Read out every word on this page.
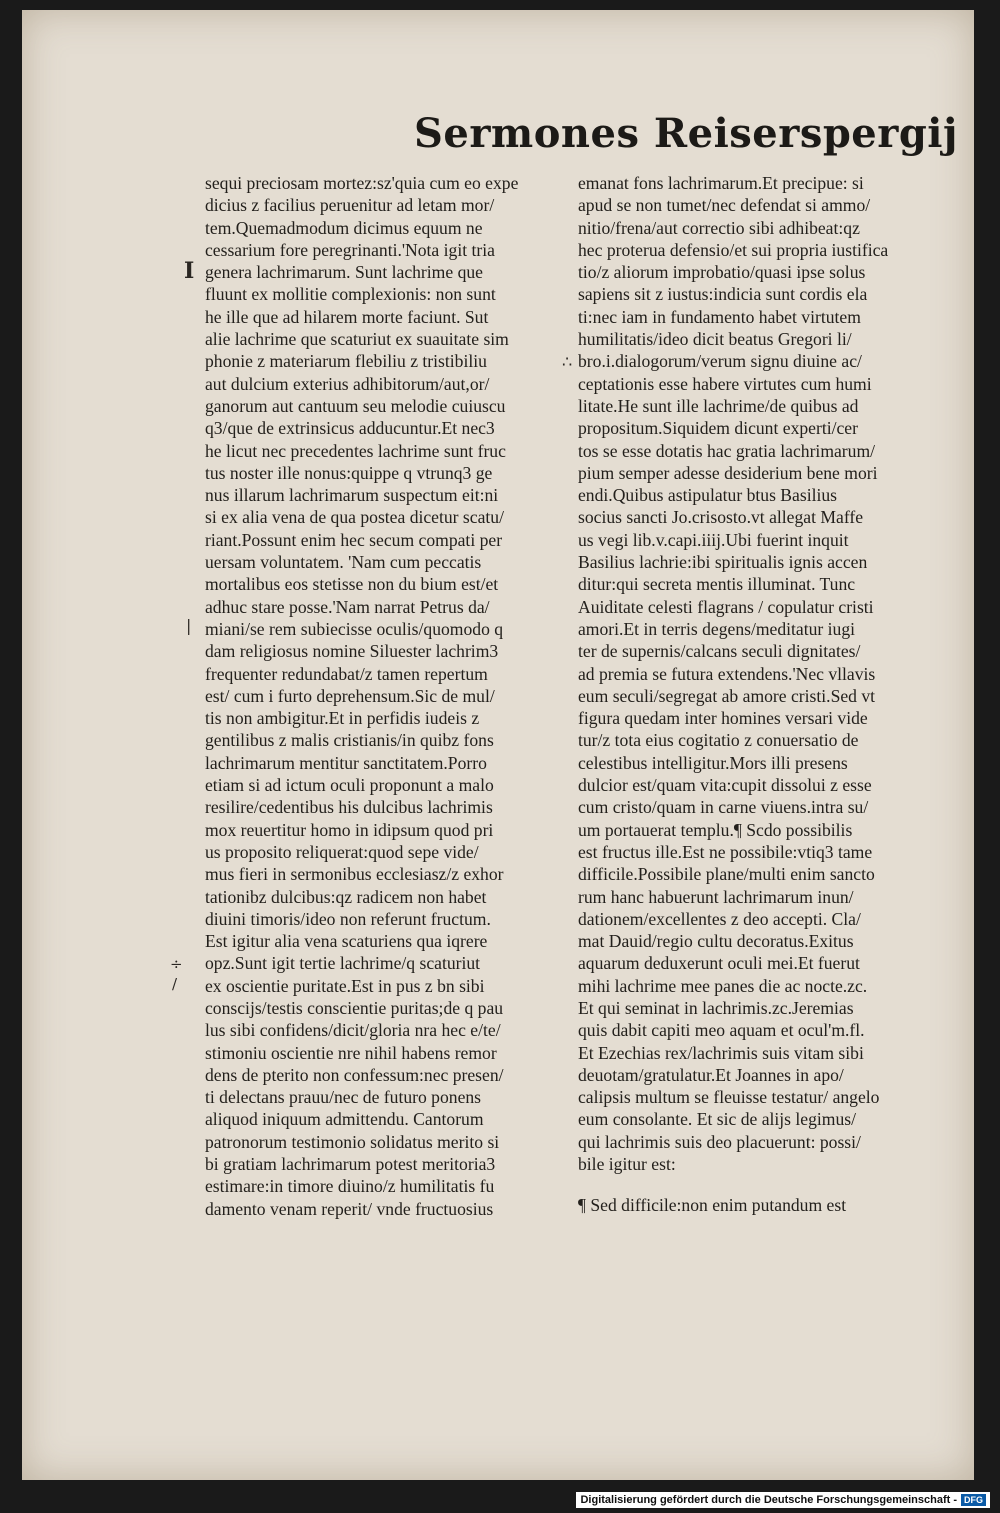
Sermones Reiserspergij
I
∴
|
÷
/
sequi preciosam mortez:sz'quia cum eo expe
dicius z facilius peruenitur ad letam mor/
tem.Quemadmodum dicimus equum ne
cessarium fore peregrinanti.'Nota igit tria
genera lachrimarum. Sunt lachrime que
fluunt ex mollitie complexionis: non sunt
he ille que ad hilarem morte faciunt. Sut
alie lachrime que scaturiut ex suauitate sim
phonie z materiarum flebiliu z tristibiliu
aut dulcium exterius adhibitorum/aut,or/
ganorum aut cantuum seu melodie cuiuscu
q3/que de extrinsicus adducuntur.Et nec3
he licut nec precedentes lachrime sunt fruc
tus noster ille nonus:quippe q vtrunq3 ge
nus illarum lachrimarum suspectum eit:ni
si ex alia vena de qua postea dicetur scatu/
riant.Possunt enim hec secum compati per
uersam voluntatem. 'Nam cum peccatis
mortalibus eos stetisse non du bium est/et
adhuc stare posse.'Nam narrat Petrus da/
miani/se rem subiecisse oculis/quomodo q
dam religiosus nomine Siluester lachrim3
frequenter redundabat/z tamen repertum
est/ cum i furto deprehensum.Sic de mul/
tis non ambigitur.Et in perfidis iudeis z
gentilibus z malis cristianis/in quibz fons
lachrimarum mentitur sanctitatem.Porro
etiam si ad ictum oculi proponunt a malo
resilire/cedentibus his dulcibus lachrimis
mox reuertitur homo in idipsum quod pri
us proposito reliquerat:quod sepe vide/
mus fieri in sermonibus ecclesiasz/z exhor
tationibz dulcibus:qz radicem non habet
diuini timoris/ideo non referunt fructum.
Est igitur alia vena scaturiens qua iqrere
opz.Sunt igit tertie lachrime/q scaturiut
ex oscientie puritate.Est in pus z bn sibi
conscijs/testis conscientie puritas;de q pau
lus sibi confidens/dicit/gloria nra hec e/te/
stimoniu oscientie nre nihil habens remor
dens de pterito non confessum:nec presen/
ti delectans prauu/nec de futuro ponens
aliquod iniquum admittendu. Cantorum
patronorum testimonio solidatus merito si
bi gratiam lachrimarum potest meritoria3
estimare:in timore diuino/z humilitatis fu
damento venam reperit/ vnde fructuosius
emanat fons lachrimarum.Et precipue: si
apud se non tumet/nec defendat si ammo/
nitio/frena/aut correctio sibi adhibeat:qz
hec proterua defensio/et sui propria iustifica
tio/z aliorum improbatio/quasi ipse solus
sapiens sit z iustus:indicia sunt cordis ela
ti:nec iam in fundamento habet virtutem
humilitatis/ideo dicit beatus Gregori li/
bro.i.dialogorum/verum signu diuine ac/
ceptationis esse habere virtutes cum humi
litate.He sunt ille lachrime/de quibus ad
propositum.Siquidem dicunt experti/cer
tos se esse dotatis hac gratia lachrimarum/
pium semper adesse desiderium bene mori
endi.Quibus astipulatur btus Basilius
socius sancti Jo.crisosto.vt allegat Maffe
us vegi lib.v.capi.iiij.Ubi fuerint inquit
Basilius lachrie:ibi spiritualis ignis accen
ditur:qui secreta mentis illuminat. Tunc
Auiditate celesti flagrans / copulatur cristi
amori.Et in terris degens/meditatur iugi
ter de supernis/calcans seculi dignitates/
ad premia se futura extendens.'Nec vllavis
eum seculi/segregat ab amore cristi.Sed vt
figura quedam inter homines versari vide
tur/z tota eius cogitatio z conuersatio de
celestibus intelligitur.Mors illi presens
dulcior est/quam vita:cupit dissolui z esse
cum cristo/quam in carne viuens.intra su/
um portauerat templu.¶ Scdo possibilis
est fructus ille.Est ne possibile:vtiq3 tame
difficile.Possibile plane/multi enim sancto
rum hanc habuerunt lachrimarum inun/
dationem/excellentes z deo accepti. Cla/
mat Dauid/regio cultu decoratus.Exitus
aquarum deduxerunt oculi mei.Et fuerut
mihi lachrime mee panes die ac nocte.zc.
Et qui seminat in lachrimis.zc.Jeremias
quis dabit capiti meo aquam et ocul'm.fl.
Et Ezechias rex/lachrimis suis vitam sibi
deuotam/gratulatur.Et Joannes in apo/
calipsis multum se fleuisse testatur/ angelo
eum consolante. Et sic de alijs legimus/
qui lachrimis suis deo placuerunt: possi/
bile igitur est:
¶ Sed difficile:non enim putandum est
Digitalisierung gefördert durch die Deutsche Forschungsgemeinschaft - DFG
